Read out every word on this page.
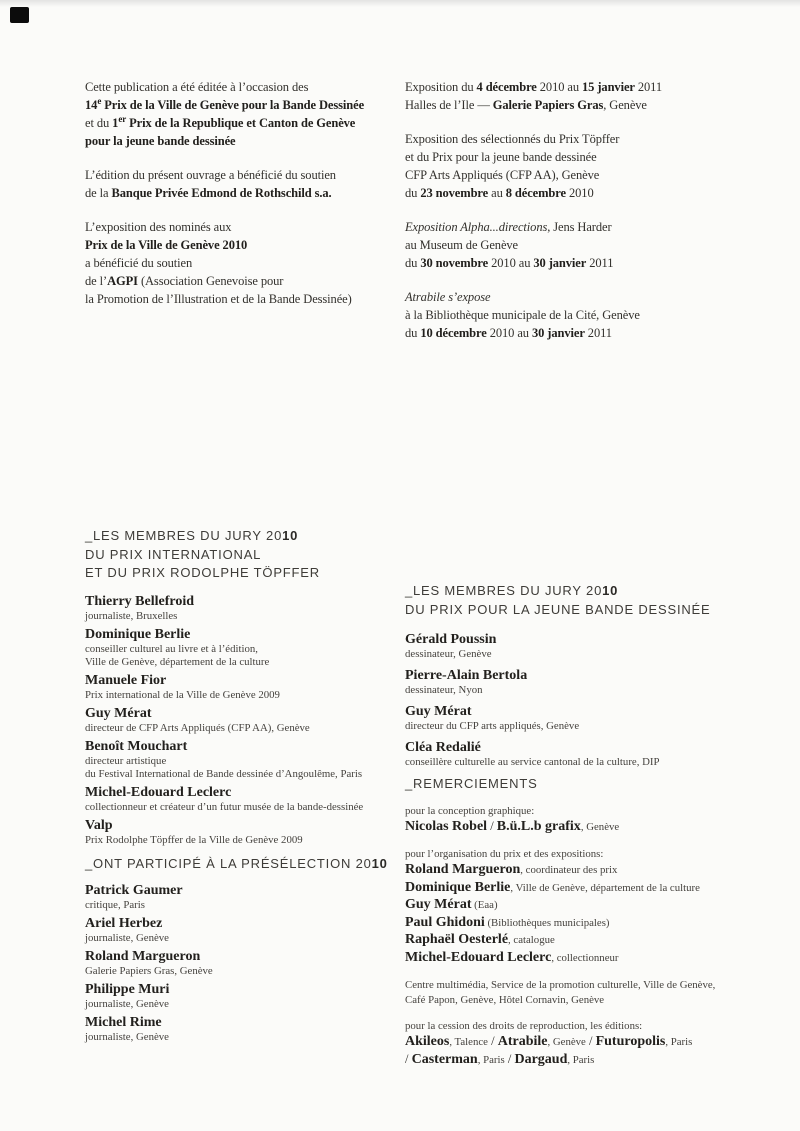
Cette publication a été éditée à l’occasion des
14e Prix de la Ville de Genève pour la Bande Dessinée
et du 1er Prix de la Republique et Canton de Genève
pour la jeune bande dessinée
L’édition du présent ouvrage a bénéficié du soutien
de la Banque Privée Edmond de Rothschild s.a.
L’exposition des nominés aux
Prix de la Ville de Genève 2010
a bénéficié du soutien
de l’AGPI (Association Genevoise pour
la Promotion de l’Illustration et de la Bande Dessinée)
Exposition du 4 décembre 2010 au 15 janvier 2011
Halles de l’Ile — Galerie Papiers Gras, Genève
Exposition des sélectionnés du Prix Töpffer
et du Prix pour la jeune bande dessinée
CFP Arts Appliqués (CFP AA), Genève
du 23 novembre au 8 décembre 2010
Exposition Alpha...directions, Jens Harder
au Museum de Genève
du 30 novembre 2010 au 30 janvier 2011
Atrabile s’expose
à la Bibliothèque municipale de la Cité, Genève
du 10 décembre 2010 au 30 janvier 2011
_LES MEMBRES DU JURY 2010
DU PRIX INTERNATIONAL
ET DU PRIX RODOLPHE TÖPFFER
Thierry Bellefroid
journaliste, Bruxelles
Dominique Berlie
conseiller culturel au livre et à l’édition,
Ville de Genève, département de la culture
Manuele Fior
Prix international de la Ville de Genève 2009
Guy Mérat
directeur de CFP Arts Appliqués (CFP AA), Genève
Benoît Mouchart
directeur artistique
du Festival International de Bande dessinée d’Angoulême, Paris
Michel-Edouard Leclerc
collectionneur et créateur d’un futur musée de la bande-dessinée
Valp
Prix Rodolphe Töpffer de la Ville de Genève 2009
_ONT PARTICIPÉ À LA PRÉSÉLECTION 2010
Patrick Gaumer
critique, Paris
Ariel Herbez
journaliste, Genève
Roland Margueron
Galerie Papiers Gras, Genève
Philippe Muri
journaliste, Genève
Michel Rime
journaliste, Genève
_LES MEMBRES DU JURY 2010
DU PRIX POUR LA JEUNE BANDE DESSINÉE
Gérald Poussin
dessinateur, Genève
Pierre-Alain Bertola
dessinateur, Nyon
Guy Mérat
directeur du CFP arts appliqués, Genève
Cléa Redalié
conseillère culturelle au service cantonal de la culture, DIP
_REMERCIEMENTS
pour la conception graphique:
Nicolas Robel / B.ü.L.b grafix, Genève
pour l’organisation du prix et des expositions:
Roland Margueron, coordinateur des prix
Dominique Berlie, Ville de Genève, département de la culture
Guy Mérat (Eaa)
Paul Ghidoni (Bibliothèques municipales)
Raphaël Oesterlé, catalogue
Michel-Edouard Leclerc, collectionneur
Centre multimédia, Service de la promotion culturelle, Ville de Genève,
Café Papon, Genève, Hôtel Cornavin, Genève
pour la cession des droits de reproduction, les éditions:
Akileos, Talence / Atrabile, Genève / Futuropolis, Paris
/ Casterman, Paris / Dargaud, Paris
